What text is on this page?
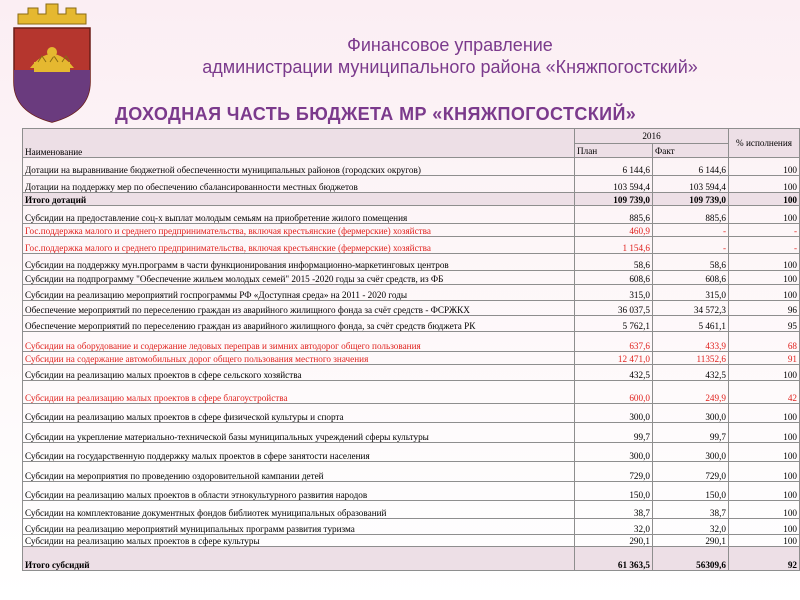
Финансовое управление
администрации муниципального района «Княжпогостский»
ДОХОДНАЯ ЧАСТЬ БЮДЖЕТА МР «КНЯЖПОГОСТСКИЙ»
Наименование	2016		% исполнения
	План	Факт	
Дотации на выравнивание бюджетной обеспеченности муниципальных районов (городских округов)	6 144,6	6 144,6	100
Дотации на поддержку мер по обеспечению сбалансированности местных бюджетов	103 594,4	103 594,4	100
Итого дотаций	109 739,0	109 739,0	100
Субсидии на предоставление соц-х выплат молодым семьям на приобретение жилого помещения	885,6	885,6	100
Гос.поддержка малого и среднего предпринимательства, включая крестьянские (фермерские) хозяйства	460,9	-	-
Гос.поддержка малого и среднего предпринимательства, включая крестьянские (фермерские) хозяйства	1 154,6	-	-
Субсидии на поддержку мун.программ в части функционирования информационно-маркетинговых центров	58,6	58,6	100
Субсидии на подпрограмму "Обеспечение жильем молодых семей" 2015 -2020 годы за счёт средств, из ФБ	608,6	608,6	100
Субсидии на реализацию мероприятий госпрограммы РФ «Доступная среда» на 2011 - 2020 годы	315,0	315,0	100
Обеспечение мероприятий по переселению граждан из аварийного жилищного фонда за счёт средств - ФСРЖКХ	36 037,5	34 572,3	96
Обеспечение мероприятий по переселению граждан из аварийного жилищного фонда, за счёт средств бюджета РК	5 762,1	5 461,1	95
Субсидии на оборудование и содержание ледовых переправ и зимних автодорог общего пользования	637,6	433,9	68
Субсидии на содержание автомобильных дорог общего пользования местного значения	12 471,0	11352,6	91
Субсидии на реализацию малых проектов в сфере сельского хозяйства	432,5	432,5	100
Субсидии на реализацию малых проектов в сфере благоустройства	600,0	249,9	42
Субсидии на реализацию малых проектов в сфере физической культуры и спорта	300,0	300,0	100
Субсидии на укрепление материально-технической базы муниципальных учреждений сферы культуры	99,7	99,7	100
Субсидии на государственную поддержку малых проектов в сфере занятости населения	300,0	300,0	100
Субсидии на мероприятия по проведению оздоровительной кампании детей	729,0	729,0	100
Субсидии на реализацию малых проектов в области этнокультурного развития народов	150,0	150,0	100
Субсидии на комплектование документных фондов библиотек муниципальных образований	38,7	38,7	100
Субсидии на реализацию мероприятий муниципальных программ развития туризма	32,0	32,0	100
Субсидии на реализацию малых проектов в сфере культуры	290,1	290,1	100
Итого субсидий	61 363,5	56309,6	92
